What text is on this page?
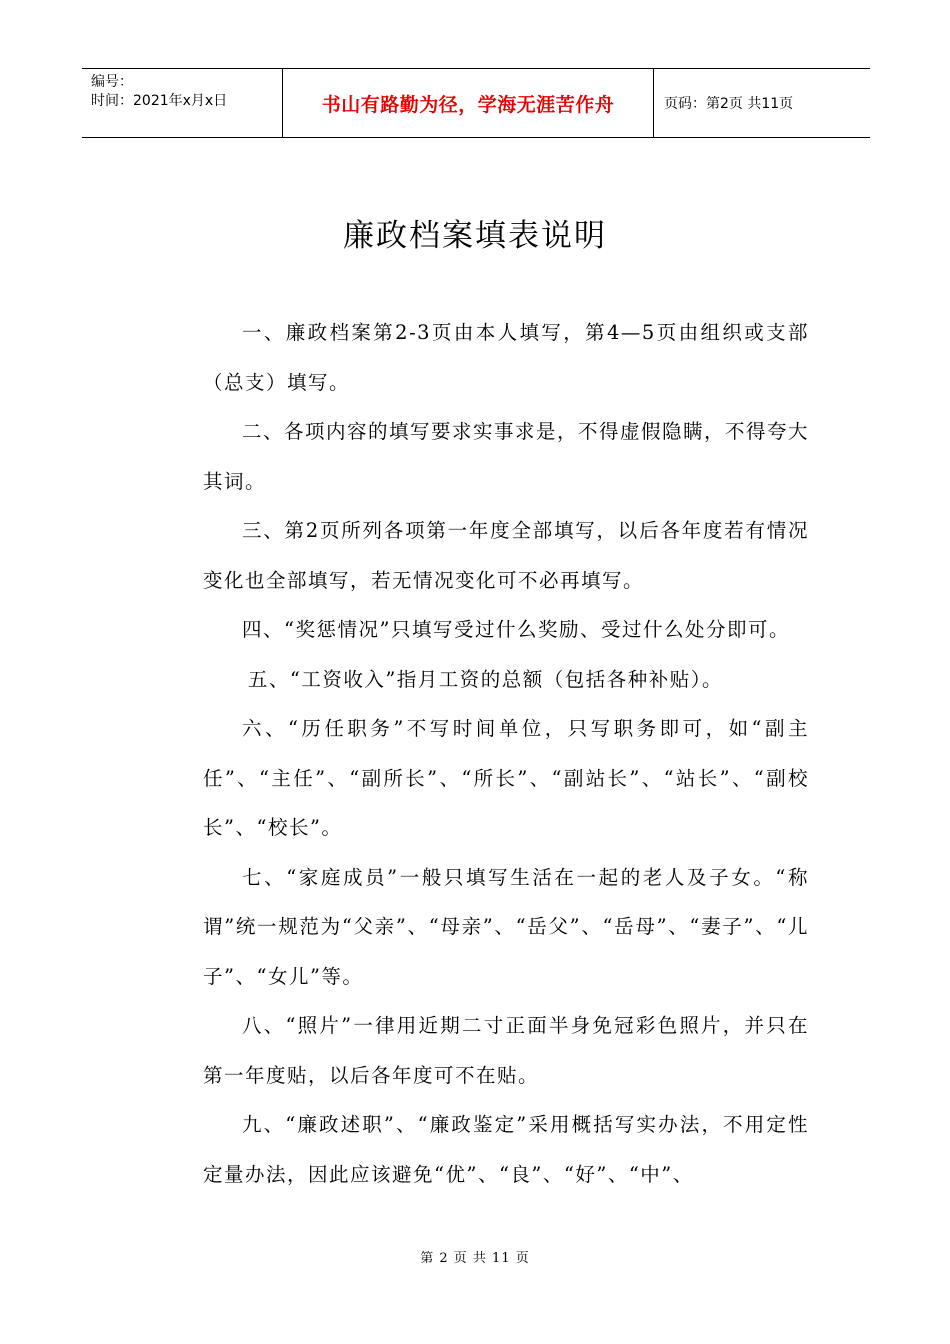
编号：
时间：2021年x月x日	书山有路勤为径，学海无涯苦作舟	页码：第2页 共11页
廉政档案填表说明

一、廉政档案第2-3页由本人填写，第4—5页由组织或支部（总支）填写。

二、各项内容的填写要求实事求是，不得虚假隐瞒，不得夸大其词。

三、第2页所列各项第一年度全部填写，以后各年度若有情况变化也全部填写，若无情况变化可不必再填写。

四、“奖惩情况”只填写受过什么奖励、受过什么处分即可。

五、“工资收入”指月工资的总额（包括各种补贴）。

六、“历任职务”不写时间单位，只写职务即可，如“副主任”、“主任”、“副所长”、“所长”、“副站长”、“站长”、“副校长”、“校长”。

七、“家庭成员”一般只填写生活在一起的老人及子女。“称谓”统一规范为“父亲”、“母亲”、“岳父”、“岳母”、“妻子”、“儿子”、“女儿”等。

八、“照片”一律用近期二寸正面半身免冠彩色照片，并只在第一年度贴，以后各年度可不在贴。

九、“廉政述职”、“廉政鉴定”采用概括写实办法，不用定性定量办法，因此应该避免“优”、“良”、“好”、“中”、

第 2 页 共 11 页
